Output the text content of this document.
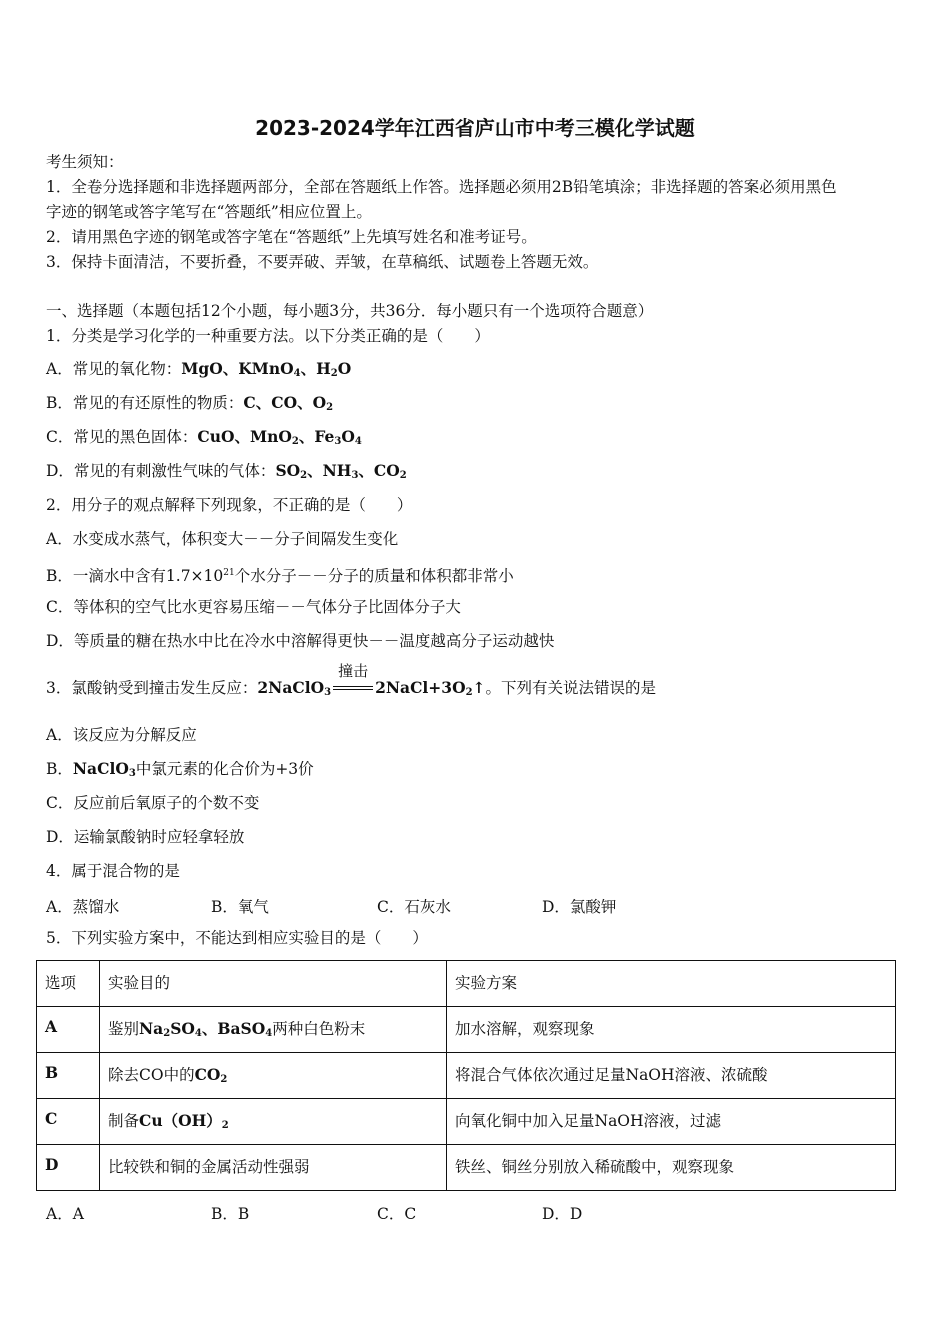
2023-2024学年江西省庐山市中考三模化学试题
考生须知：
1．全卷分选择题和非选择题两部分，全部在答题纸上作答。选择题必须用2B铅笔填涂；非选择题的答案必须用黑色
字迹的钢笔或答字笔写在“答题纸”相应位置上。
2．请用黑色字迹的钢笔或答字笔在“答题纸”上先填写姓名和准考证号。
3．保持卡面清洁，不要折叠，不要弄破、弄皱，在草稿纸、试题卷上答题无效。
一、选择题（本题包括12个小题，每小题3分，共36分．每小题只有一个选项符合题意）
1．分类是学习化学的一种重要方法。以下分类正确的是（　　）
A．常见的氧化物：MgO、KMnO$_4$、$H_2O$
B．常见的有还原性的物质：C、CO、$O_2$
C．常见的黑色固体：CuO、MnO$_2$、$Fe_3O_4$
D．常见的有刺激性气味的气体：$SO_2$、$NH_3$、$CO_2$
2．用分子的观点解释下列现象，不正确的是（　　）
A．水变成水蒸气，体积变大－－分子间隔发生变化
B．一滴水中含有$1.7\times 10^{21}$个水分子－－分子的质量和体积都非常小
C．等体积的空气比水更容易压缩－－气体分子比固体分子大
D．等质量的糖在热水中比在冷水中溶解得更快－－温度越高分子运动越快
3．氯酸钠受到撞击发生反应：2NaClO$_3$
撞击
$2NaCl+3O_2↑$。下列有关说法错误的是
A．该反应为分解反应
B．NaClO$_3$中氯元素的化合价为+3价
C．反应前后氧原子的个数不变
D．运输氯酸钠时应轻拿轻放
4．属于混合物的是
A．蒸馏水	B．氧气	C．石灰水	D．氯酸钾
5．下列实验方案中，不能达到相应实验目的是（　　）
选项	实验目的	实验方案
A	鉴别$Na_2SO_4$、BaSO$_4$两种白色粉末	加水溶解，观察现象
B	除去CO中的$CO_2$	将混合气体依次通过足量NaOH溶液、浓硫酸
C	制备$Cu(OH)_2$	向氧化铜中加入足量NaOH溶液，过滤
D	比较铁和铜的金属活动性强弱	铁丝、铜丝分别放入稀硫酸中，观察现象
A．A	B．B	C．C	D．D
